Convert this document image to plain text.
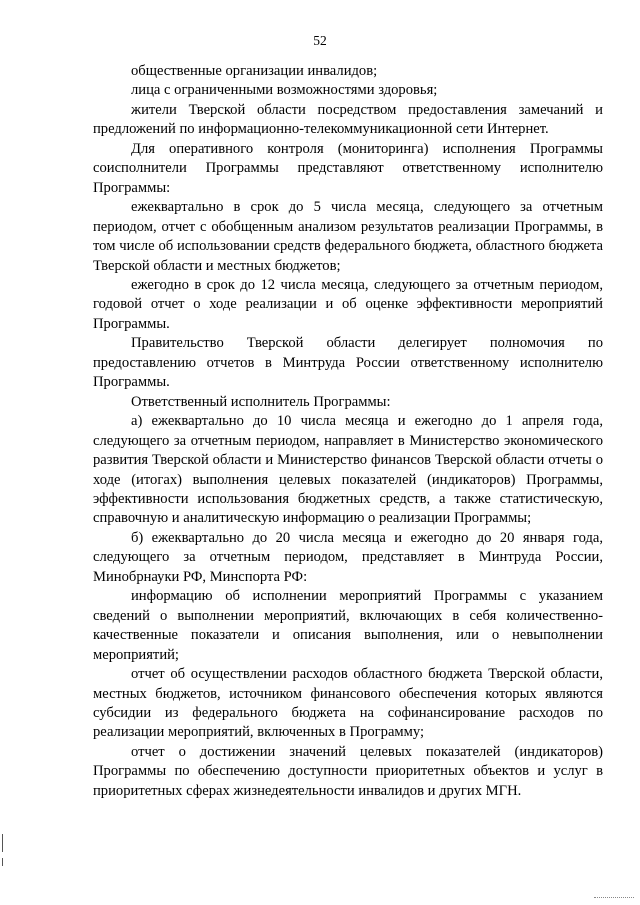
52

общественные организации инвалидов;

лица с ограниченными возможностями здоровья;

жители Тверской области посредством предоставления замечаний и предложений по информационно-телекоммуникационной сети Интернет.

Для оперативного контроля (мониторинга) исполнения Программы соисполнители Программы представляют ответственному исполнителю Программы:

ежеквартально в срок до 5 числа месяца, следующего за отчетным периодом, отчет с обобщенным анализом результатов реализации Программы, в том числе об использовании средств федерального бюджета, областного бюджета Тверской области и местных бюджетов;

ежегодно в срок до 12 числа месяца, следующего за отчетным периодом, годовой отчет о ходе реализации и об оценке эффективности мероприятий Программы.

Правительство Тверской области делегирует полномочия по предоставлению отчетов в Минтруда России ответственному исполнителю Программы.

Ответственный исполнитель Программы:

а) ежеквартально до 10 числа месяца и ежегодно до 1 апреля года, следующего за отчетным периодом, направляет в Министерство экономического развития Тверской области и Министерство финансов Тверской области отчеты о ходе (итогах) выполнения целевых показателей (индикаторов) Программы, эффективности использования бюджетных средств, а также статистическую, справочную и аналитическую информацию о реализации Программы;

б) ежеквартально до 20 числа месяца и ежегодно до 20 января года, следующего за отчетным периодом, представляет в Минтруда России, Минобрнауки РФ, Минспорта РФ:

информацию об исполнении мероприятий Программы с указанием сведений о выполнении мероприятий, включающих в себя количественно-качественные показатели и описания выполнения, или о невыполнении мероприятий;

отчет об осуществлении расходов областного бюджета Тверской области, местных бюджетов, источником финансового обеспечения которых являются субсидии из федерального бюджета на софинансирование расходов по реализации мероприятий, включенных в Программу;

отчет о достижении значений целевых показателей (индикаторов) Программы по обеспечению доступности приоритетных объектов и услуг в приоритетных сферах жизнедеятельности инвалидов и других МГН.
